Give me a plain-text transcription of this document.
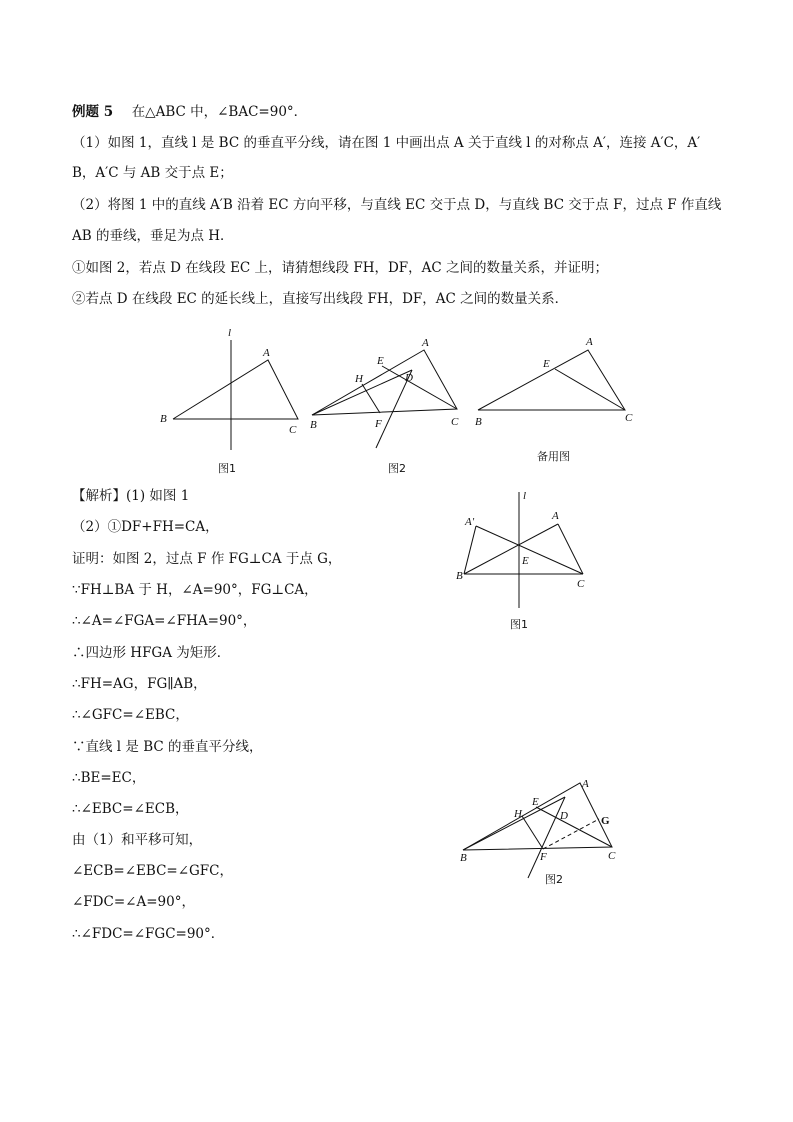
例题 5 在△ABC 中，∠BAC=90°．
（1）如图 1，直线 l 是 BC 的垂直平分线，请在图 1 中画出点 A 关于直线 l 的对称点 A′，连接 A′C，A′
B，A′C 与 AB 交于点 E；
（2）将图 1 中的直线 A′B 沿着 EC 方向平移，与直线 EC 交于点 D，与直线 BC 交于点 F，过点 F 作直线
AB 的垂线，垂足为点 H．
①如图 2，若点 D 在线段 EC 上，请猜想线段 FH，DF，AC 之间的数量关系，并证明；
②若点 D 在线段 EC 的延长线上，直接写出线段 FH，DF，AC 之间的数量关系．
l
A
B
C
图1
A
E
H	D
B	F	C
图2
A
E
B	C
备用图
【解析】(1) 如图 1
（2）①DF+FH=CA，
证明：如图 2，过点 F 作 FG⊥CA 于点 G，
∵FH⊥BA 于 H，∠A=90°，FG⊥CA，
∴∠A=∠FGA=∠FHA=90°，
∴四边形 HFGA 为矩形．
∴FH=AG，FG∥AB，
∴∠GFC=∠EBC，
∵直线 l 是 BC 的垂直平分线，
∴BE=EC，
∴∠EBC=∠ECB，
由（1）和平移可知，
∠ECB=∠EBC=∠GFC，
∠FDC=∠A=90°，
∴∠FDC=∠FGC=90°．
l
A′	A
E
B
C
图1
A
E
H	D	G
B	F	C
图2
